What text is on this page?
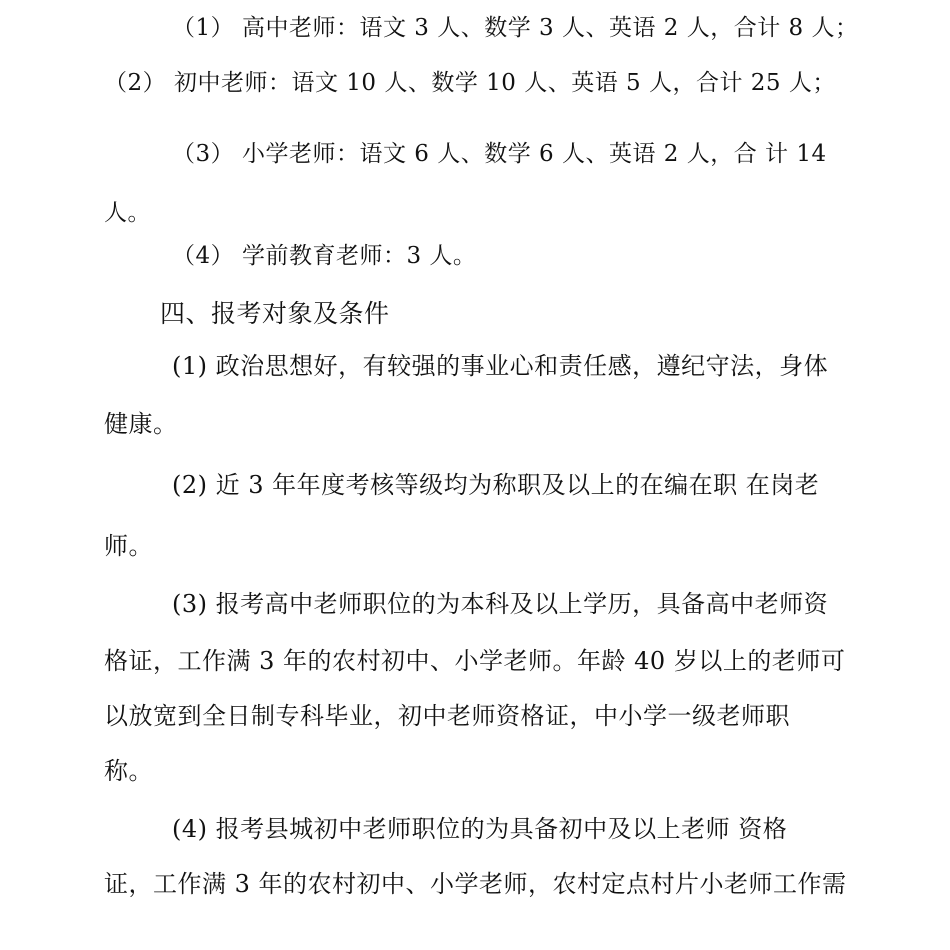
（1） 高中老师：语文 3 人、数学 3 人、英语 2 人，合计 8 人；

（2） 初中老师：语文 10 人、数学 10 人、英语 5 人，合计 25 人；

（3） 小学老师：语文 6 人、数学 6 人、英语 2 人，合 计 14

人。

（4） 学前教育老师：3 人。

四、报考对象及条件

(1) 政治思想好，有较强的事业心和责任感，遵纪守法，身体

健康。

(2) 近 3 年年度考核等级均为称职及以上的在编在职 在岗老

师。

(3) 报考高中老师职位的为本科及以上学历，具备高中老师资

格证，工作满 3 年的农村初中、小学老师。年龄 40 岁以上的老师可

以放宽到全日制专科毕业，初中老师资格证，中小学一级老师职

称。

(4) 报考县城初中老师职位的为具备初中及以上老师 资格

证，工作满 3 年的农村初中、小学老师，农村定点村片小老师工作需
